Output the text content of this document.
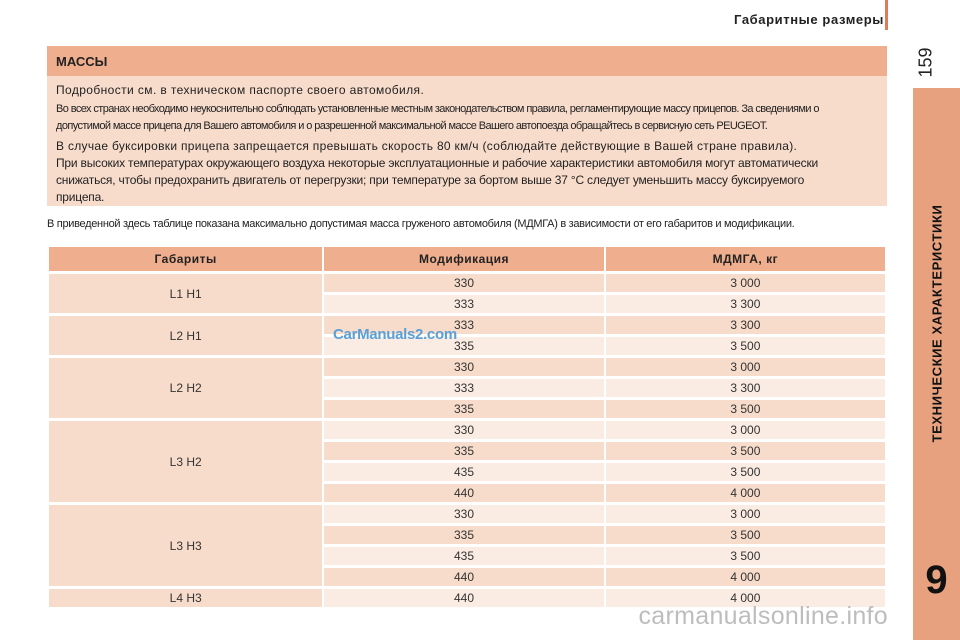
Габаритные размеры
159
ТЕХНИЧЕСКИЕ ХАРАКТЕРИСТИКИ
9
МАССЫ

Подробности см. в техническом паспорте своего автомобиля.

Во всех странах необходимо неукоснительно соблюдать установленные местным законодательством правила, регламентирующие массу прицепов. За сведениями о
допустимой массе прицепа для Вашего автомобиля и о разрешенной максимальной массе Вашего автопоезда обращайтесь в сервисную сеть PEUGEOT.

В случае буксировки прицепа запрещается превышать скорость 80 км/ч (соблюдайте действующие в Вашей стране правила).

При высоких температурах окружающего воздуха некоторые эксплуатационные и рабочие характеристики автомобиля могут автоматически
снижаться, чтобы предохранить двигатель от перегрузки; при температуре за бортом выше 37 °C следует уменьшить массу буксируемого
прицепа.

В приведенной здесь таблице показана максимально допустимая масса груженого автомобиля (МДМГА) в зависимости от его габаритов и модификации.
Габариты	Модификация	МДМГА, кг
L1 H1	330	3 000
	333	3 300
L2 H1	333	3 300
	335	3 500
L2 H2	330	3 000
	333	3 300
	335	3 500
L3 H2	330	3 000
	335	3 500
	435	3 500
	440	4 000
L3 H3	330	3 000
	335	3 500
	435	3 500
	440	4 000
L4 H3	440	4 000
CarManuals2.com
carmanualsonline.info
